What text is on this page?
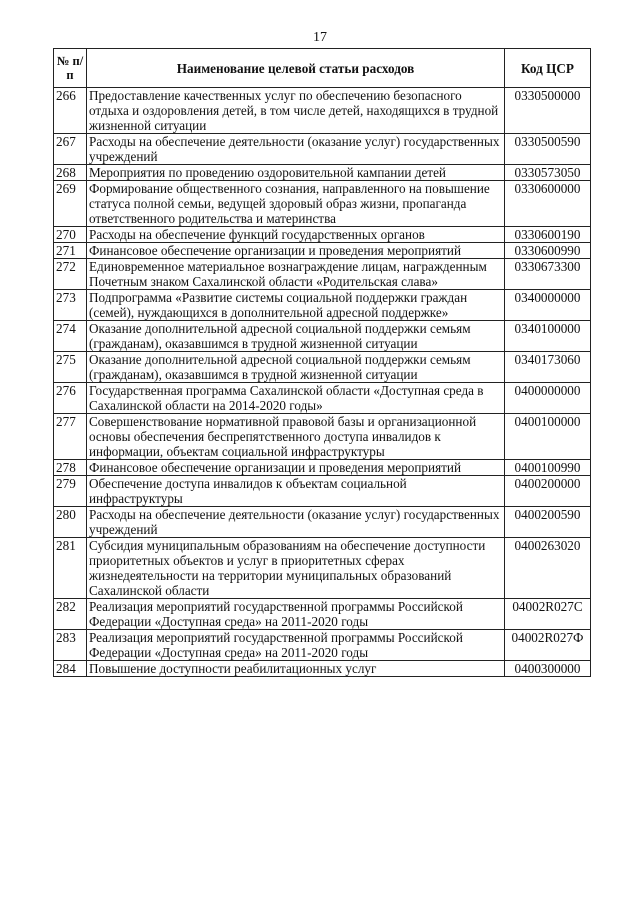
17
№ п/п	Наименование целевой статьи расходов	Код ЦСР
266	Предоставление качественных услуг по обеспечению безопасного отдыха и оздоровления детей, в том числе детей, находящихся в трудной жизненной ситуации	0330500000
267	Расходы на обеспечение деятельности (оказание услуг) государственных учреждений	0330500590
268	Мероприятия по проведению оздоровительной кампании детей	0330573050
269	Формирование общественного сознания, направленного на повышение статуса полной семьи, ведущей здоровый образ жизни, пропаганда ответственного родительства и материнства	0330600000
270	Расходы на обеспечение функций государственных органов	0330600190
271	Финансовое обеспечение организации и проведения мероприятий	0330600990
272	Единовременное материальное вознаграждение лицам, награжденным Почетным знаком Сахалинской области «Родительская слава»	0330673300
273	Подпрограмма «Развитие системы социальной поддержки граждан (семей), нуждающихся в дополнительной адресной поддержке»	0340000000
274	Оказание дополнительной адресной социальной поддержки семьям (гражданам), оказавшимся в трудной жизненной ситуации	0340100000
275	Оказание дополнительной адресной социальной поддержки семьям (гражданам), оказавшимся в трудной жизненной ситуации	0340173060
276	Государственная программа Сахалинской области «Доступная среда в Сахалинской области на 2014-2020 годы»	0400000000
277	Совершенствование нормативной правовой базы и организационной основы обеспечения беспрепятственного доступа инвалидов к информации, объектам социальной инфраструктуры	0400100000
278	Финансовое обеспечение организации и проведения мероприятий	0400100990
279	Обеспечение доступа инвалидов к объектам социальной инфраструктуры	0400200000
280	Расходы на обеспечение деятельности (оказание услуг) государственных учреждений	0400200590
281	Субсидия муниципальным образованиям на обеспечение доступности приоритетных объектов и услуг в приоритетных сферах жизнедеятельности на территории муниципальных образований Сахалинской области	0400263020
282	Реализация мероприятий государственной программы Российской Федерации «Доступная среда» на 2011-2020 годы	04002R027C
283	Реализация мероприятий государственной программы Российской Федерации «Доступная среда» на 2011-2020 годы	04002R027Ф
284	Повышение доступности реабилитационных услуг	0400300000
